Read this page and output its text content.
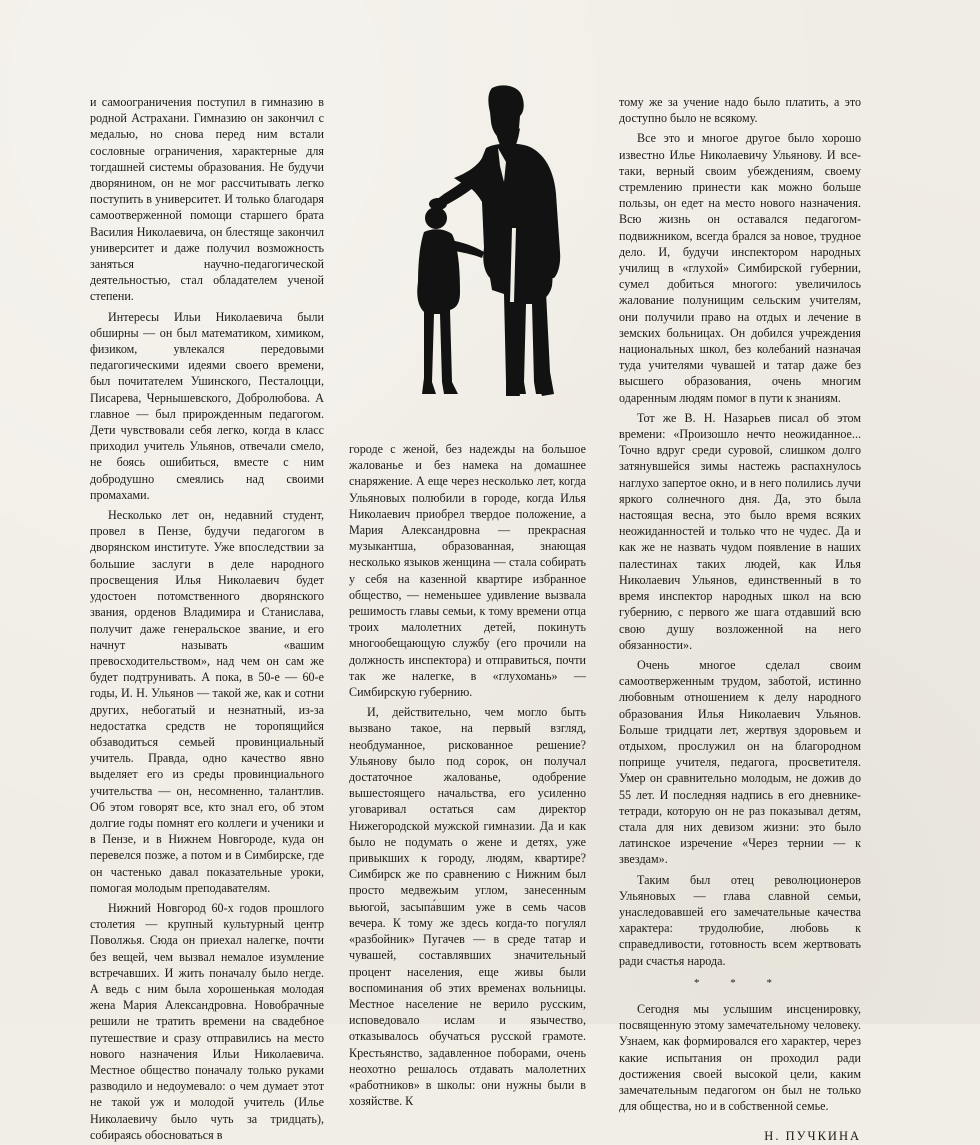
и самоограничения поступил в гимназию в родной Астрахани. Гимназию он закончил с медалью, но снова перед ним встали сословные ограничения, характерные для тогдашней системы образования. Не будучи дворянином, он не мог рассчитывать легко поступить в университет. И только благодаря самоотверженной помощи старшего брата Василия Николаевича, он блестяще закончил университет и даже получил возможность заняться научно-педагогической деятельностью, стал обладателем ученой степени.

Интересы Ильи Николаевича были обширны — он был математиком, химиком, физиком, увлекался передовыми педагогическими идеями своего времени, был почитателем Ушинского, Песталоцци, Писарева, Чернышевского, Добролюбова. А главное — был прирожденным педагогом. Дети чувствовали себя легко, когда в класс приходил учитель Ульянов, отвечали смело, не боясь ошибиться, вместе с ним добродушно смеялись над своими промахами.

Несколько лет он, недавний студент, провел в Пензе, будучи педагогом в дворянском институте. Уже впоследствии за большие заслуги в деле народного просвещения Илья Николаевич будет удостоен потомственного дворянского звания, орденов Владимира и Станислава, получит даже генеральское звание, и его начнут называть «вашим превосходительством», над чем он сам же будет подтрунивать. А пока, в 50-е — 60-е годы, И. Н. Ульянов — такой же, как и сотни других, небогатый и незнатный, из-за недостатка средств не торопящийся обзаводиться семьей провинциальный учитель. Правда, одно качество явно выделяет его из среды провинциального учительства — он, несомненно, талантлив. Об этом говорят все, кто знал его, об этом долгие годы помнят его коллеги и ученики и в Пензе, и в Нижнем Новгороде, куда он перевелся позже, а потом и в Симбирске, где он частенько давал показательные уроки, помогая молодым преподавателям.

Нижний Новгород 60-х годов прошлого столетия — крупный культурный центр Поволжья. Сюда он приехал налегке, почти без вещей, чем вызвал немалое изумление встречавших. И жить поначалу было негде. А ведь с ним была хорошенькая молодая жена Мария Александровна. Новобрачные решили не тратить времени на свадебное путешествие и сразу отправились на место нового назначения Ильи Николаевича. Местное общество поначалу только руками разводило и недоумевало: о чем думает этот не такой уж и молодой учитель (Илье Николаевичу было чуть за тридцать), собираясь обосноваться в

городе с женой, без надежды на большое жалованье и без намека на домашнее снаряжение. А еще через несколько лет, когда Ульяновых полюбили в городе, когда Илья Николаевич приобрел твердое положение, а Мария Александровна — прекрасная музыкантша, образованная, знающая несколько языков женщина — стала собирать у себя на казенной квартире избранное общество, — неменьшее удивление вызвала решимость главы семьи, к тому времени отца троих малолетних детей, покинуть многообещающую службу (его прочили на должность инспектора) и отправиться, почти так же налегке, в «глухомань» — Симбирскую губернию.

И, действительно, чем могло быть вызвано такое, на первый взгляд, необдуманное, рискованное решение? Ульянову было под сорок, он получал достаточное жалованье, одобрение вышестоящего начальства, его усиленно уговаривал остаться сам директор Нижегородской мужской гимназии. Да и как было не подумать о жене и детях, уже привыкших к городу, людям, квартире? Симбирск же по сравнению с Нижним был просто медвежьим углом, занесенным вьюгой, засыпа́вшим уже в семь часов вечера. К тому же здесь когда-то погулял «разбойник» Пугачев — в среде татар и чувашей, составлявших значительный процент населения, еще живы были воспоминания об этих временах вольницы. Местное население не верило русским, исповедовало ислам и язычество, отказывалось обучаться русской грамоте. Крестьянство, задавленное поборами, очень неохотно решалось отдавать малолетних «работников» в школы: они нужны были в хозяйстве. К

тому же за учение надо было платить, а это доступно было не всякому.

Все это и многое другое было хорошо известно Илье Николаевичу Ульянову. И все-таки, верный своим убеждениям, своему стремлению принести как можно больше пользы, он едет на место нового назначения. Всю жизнь он оставался педагогом-подвижником, всегда брался за новое, трудное дело. И, будучи инспектором народных училищ в «глухой» Симбирской губернии, сумел добиться многого: увеличилось жалование полунищим сельским учителям, они получили право на отдых и лечение в земских больницах. Он добился учреждения национальных школ, без колебаний назначая туда учителями чувашей и татар даже без высшего образования, очень многим одаренным людям помог в пути к знаниям.

Тот же В. Н. Назарьев писал об этом времени: «Произошло нечто неожиданное... Точно вдруг среди суровой, слишком долго затянувшейся зимы настежь распахнулось наглухо запертое окно, и в него полились лучи яркого солнечного дня. Да, это была настоящая весна, это было время всяких неожиданностей и только что не чудес. Да и как же не назвать чудом появление в наших палестинах таких людей, как Илья Николаевич Ульянов, единственный в то время инспектор народных школ на всю губернию, с первого же шага отдавший всю свою душу возложенной на него обязанности».

Очень многое сделал своим самоотверженным трудом, заботой, истинно любовным отношением к делу народного образования Илья Николаевич Ульянов. Больше тридцати лет, жертвуя здоровьем и отдыхом, прослужил он на благородном поприще учителя, педагога, просветителя. Умер он сравнительно молодым, не дожив до 55 лет. И последняя надпись в его дневнике-тетради, которую он не раз показывал детям, стала для них девизом жизни: это было латинское изречение «Через тернии — к звездам».

Таким был отец революционеров Ульяновых — глава славной семьи, унаследовавшей его замечательные качества характера: трудолюбие, любовь к справедливости, готовность всем жертвовать ради счастья народа.

* * *

Сегодня мы услышим инсценировку, посвященную этому замечательному человеку. Узнаем, как формировался его характер, через какие испытания он проходил ради достижения своей высокой цели, каким замечательным педагогом он был не только для общества, но и в собственной семье.

Н. ПУЧКИНА
